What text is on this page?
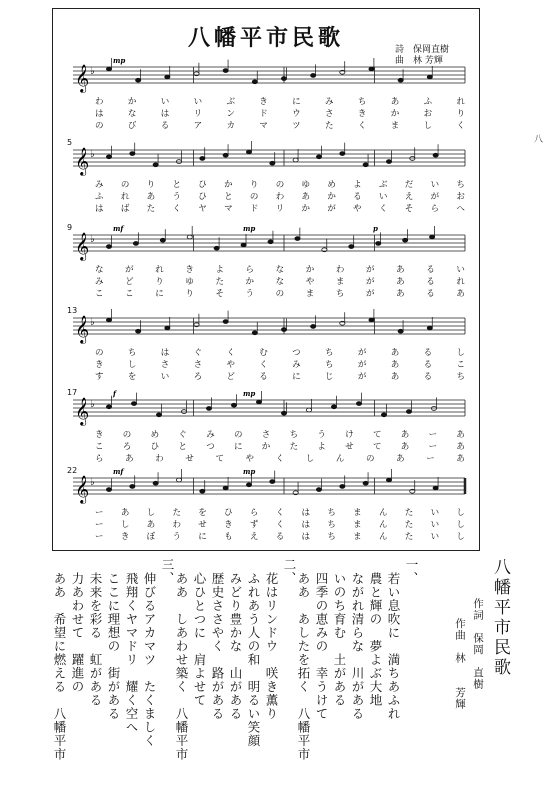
八幡平市民歌	詩　 保岡直樹
曲　 林 芳輝
𝄞 ♭
mp
わ	か	い	い	ぶ	き	に	み	ち	あ	ふ	れ
は	な	は	リ	ン	ド	ウ	さ	き	か	お	り
の	び	る	ア	カ	マ	ツ	た	く	ま	し	く
5
𝄞 ♭
み の り と ひ か り の ゆ め よ ぶ だ い ち
ふ れ あ う ひ と の わ あ か る い え が お
は ば た く ヤ マ ド リ か が や く そ ら へ
9
𝄞 ♭
mf	mp	p
な	が	れ	き	よ	ら	な	か	わ	が	あ	る	い
み	ど	り	ゆ	た	か	な	や	ま	が	あ	る	れ
こ	こ	に	り	そ	う	の	ま	ち	が	あ	る	あ
13
𝄞 ♭
の	ち	は	ぐ	く	む	つ	ち	が	あ	る	し
き	し	さ	さ	や	く	み	ち	が	あ	る	こ
す	を	い	ろ	ど	る	に	じ	が	あ	る	ち
17
𝄞 ♭
f	mp
き の め ぐ み の さ ち う け て あ ー あ
こ ろ ひ と つ に か た よ せ て あ ー あ
ら	あ	わ	せ	て	や	く	し	ん	の	あ	ー	あ
22
𝄞 ♭
mf	mp
ー あ し た を ひ ら く は ち ま ん た い し
ー し あ わ せ き ず く は ち ま ん た い し
ー き ぼ う に も え る は ち ま ん た い し
八
八幡平市民歌
作詞　保岡　直樹
作曲　林　　芳輝
一、
若い息吹に　満ちあふれ
農と輝の　夢よぶ大地
ながれ清らな　川がある
いのち育む　土がある
四季の恵みの　幸うけて
ああ　あしたを拓く　八幡平市
二、
花はリンドウ　咲き薫り
ふれあう人の和　明るい笑顔
みどり豊かな　山がある
歴史ささやく　路がある
心ひとつに　肩よせて
ああ　しあわせ築く　八幡平市
三、
伸びるアカマツ　たくましく
飛翔くヤマドリ　耀く空へ
ここに理想の　街がある
未来を彩る　虹がある
力あわせて　躍進の
ああ　希望に燃える　八幡平市
